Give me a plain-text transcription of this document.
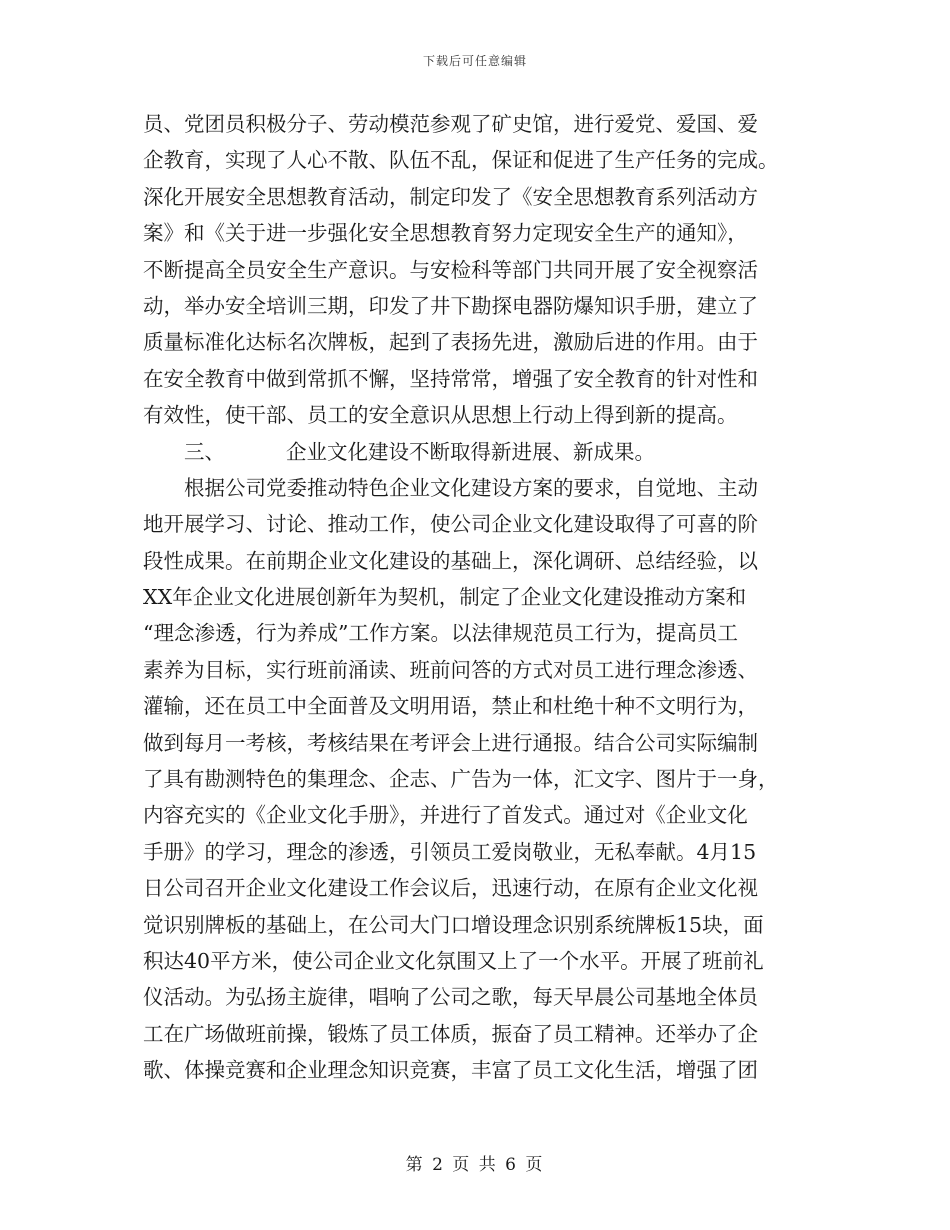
下载后可任意编辑
员、党团员积极分子、劳动模范参观了矿史馆，进行爱党、爱国、爱
企教育，实现了人心不散、队伍不乱，保证和促进了生产任务的完成。
深化开展安全思想教育活动，制定印发了《安全思想教育系列活动方
案》和《关于进一步强化安全思想教育努力定现安全生产的通知》，
不断提高全员安全生产意识。与安检科等部门共同开展了安全视察活
动，举办安全培训三期，印发了井下勘探电器防爆知识手册，建立了
质量标准化达标名次牌板，起到了表扬先进，激励后进的作用。由于
在安全教育中做到常抓不懈，坚持常常，增强了安全教育的针对性和
有效性，使干部、员工的安全意识从思想上行动上得到新的提高。
三、	企业文化建设不断取得新进展、新成果。
　　根据公司党委推动特色企业文化建设方案的要求，自觉地、主动
地开展学习、讨论、推动工作，使公司企业文化建设取得了可喜的阶
段性成果。在前期企业文化建设的基础上，深化调研、总结经验，以
XX年企业文化进展创新年为契机，制定了企业文化建设推动方案和
“理念渗透，行为养成”工作方案。以法律规范员工行为，提高员工
素养为目标，实行班前涌读、班前问答的方式对员工进行理念渗透、
灌输，还在员工中全面普及文明用语，禁止和杜绝十种不文明行为，
做到每月一考核，考核结果在考评会上进行通报。结合公司实际编制
了具有勘测特色的集理念、企志、广告为一体，汇文字、图片于一身，
内容充实的《企业文化手册》，并进行了首发式。通过对《企业文化
手册》的学习，理念的渗透，引领员工爱岗敬业，无私奉献。4月15
日公司召开企业文化建设工作会议后，迅速行动，在原有企业文化视
觉识别牌板的基础上，在公司大门口增设理念识别系统牌板15块，面
积达40平方米，使公司企业文化氛围又上了一个水平。开展了班前礼
仪活动。为弘扬主旋律，唱响了公司之歌，每天早晨公司基地全体员
工在广场做班前操，锻炼了员工体质，振奋了员工精神。还举办了企
歌、体操竞赛和企业理念知识竞赛，丰富了员工文化生活，增强了团
第 2 页 共 6 页
